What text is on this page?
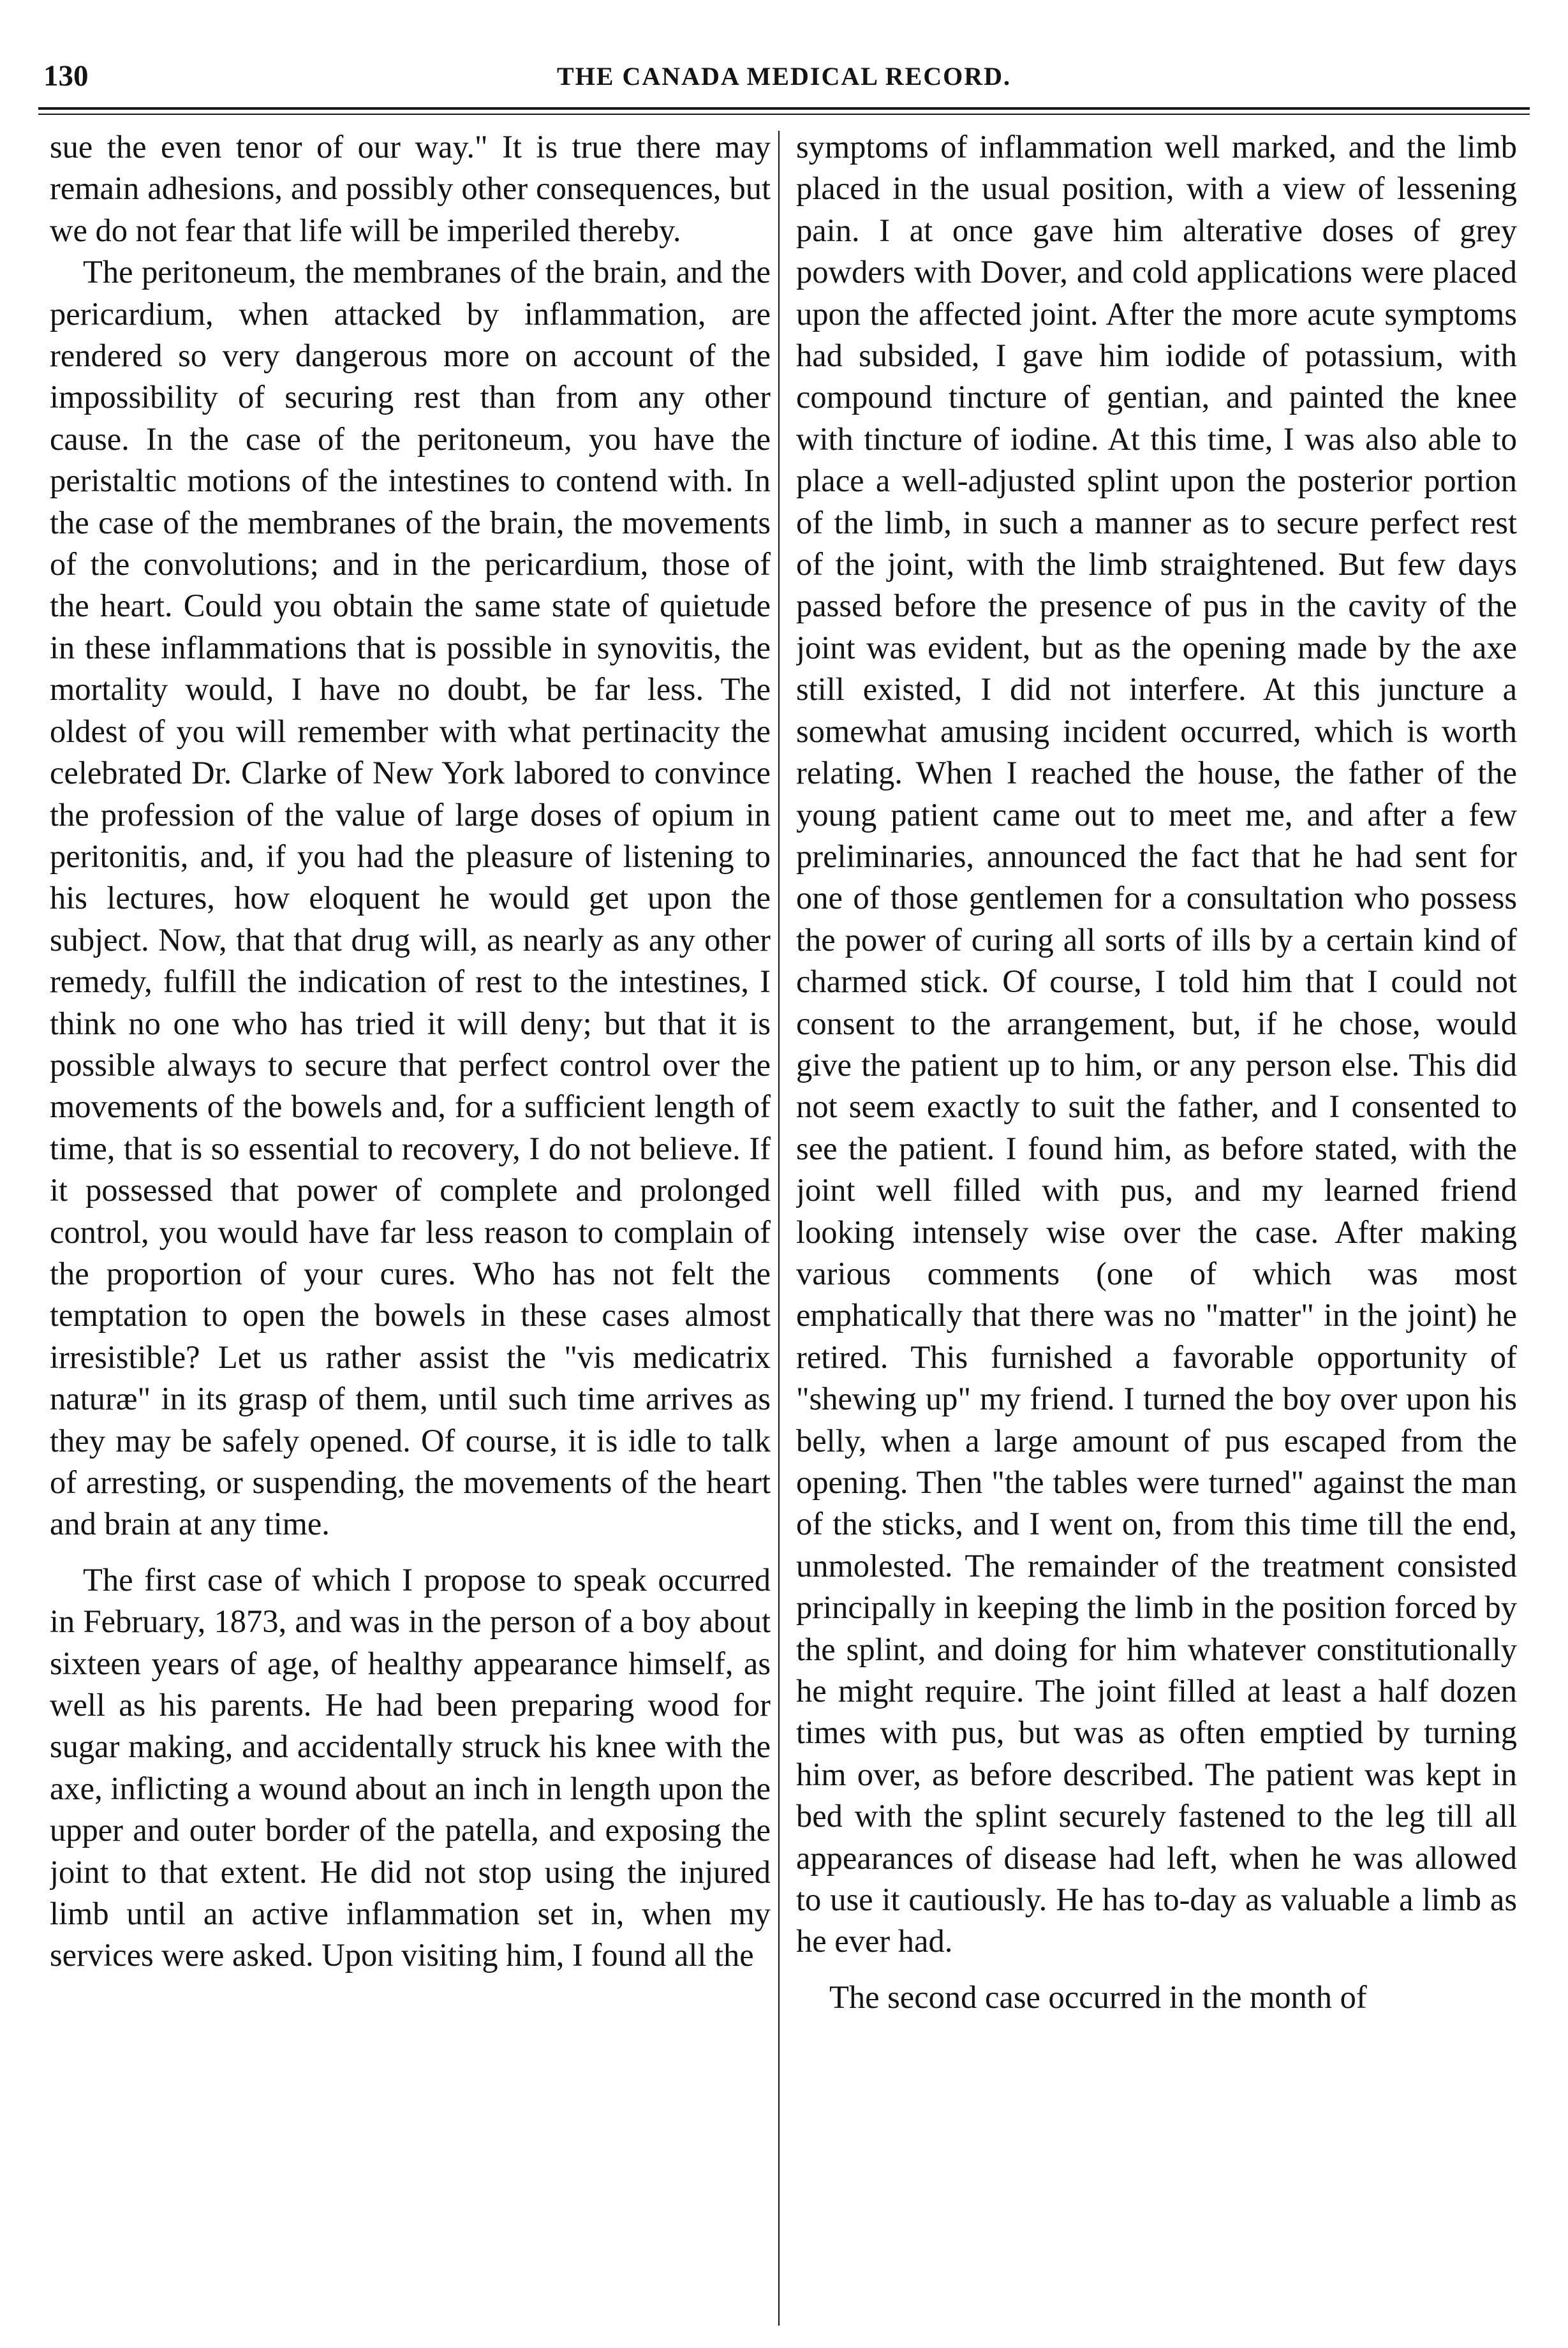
130	THE CANADA MEDICAL RECORD.

sue the even tenor of our way." It is true there may remain adhesions, and possibly other consequences, but we do not fear that life will be imperiled thereby.

The peritoneum, the membranes of the brain, and the pericardium, when attacked by inflammation, are rendered so very dangerous more on account of the impossibility of securing rest than from any other cause. In the case of the peritoneum, you have the peristaltic motions of the intestines to contend with. In the case of the membranes of the brain, the movements of the convolutions; and in the pericardium, those of the heart. Could you obtain the same state of quietude in these inflammations that is possible in synovitis, the mortality would, I have no doubt, be far less. The oldest of you will remember with what pertinacity the celebrated Dr. Clarke of New York labored to convince the profession of the value of large doses of opium in peritonitis, and, if you had the pleasure of listening to his lectures, how eloquent he would get upon the subject. Now, that that drug will, as nearly as any other remedy, fulfill the indication of rest to the intestines, I think no one who has tried it will deny; but that it is possible always to secure that perfect control over the movements of the bowels and, for a sufficient length of time, that is so essential to recovery, I do not believe. If it possessed that power of complete and prolonged control, you would have far less reason to complain of the proportion of your cures. Who has not felt the temptation to open the bowels in these cases almost irresistible? Let us rather assist the "vis medicatrix naturæ" in its grasp of them, until such time arrives as they may be safely opened. Of course, it is idle to talk of arresting, or suspending, the movements of the heart and brain at any time.

The first case of which I propose to speak occurred in February, 1873, and was in the person of a boy about sixteen years of age, of healthy appearance himself, as well as his parents. He had been preparing wood for sugar making, and accidentally struck his knee with the axe, inflicting a wound about an inch in length upon the upper and outer border of the patella, and exposing the joint to that extent. He did not stop using the injured limb until an active inflammation set in, when my services were asked. Upon visiting him, I found all the

symptoms of inflammation well marked, and the limb placed in the usual position, with a view of lessening pain. I at once gave him alterative doses of grey powders with Dover, and cold applications were placed upon the affected joint. After the more acute symptoms had subsided, I gave him iodide of potassium, with compound tincture of gentian, and painted the knee with tincture of iodine. At this time, I was also able to place a well-adjusted splint upon the posterior portion of the limb, in such a manner as to secure perfect rest of the joint, with the limb straightened. But few days passed before the presence of pus in the cavity of the joint was evident, but as the opening made by the axe still existed, I did not interfere. At this juncture a somewhat amusing incident occurred, which is worth relating. When I reached the house, the father of the young patient came out to meet me, and after a few preliminaries, announced the fact that he had sent for one of those gentlemen for a consultation who possess the power of curing all sorts of ills by a certain kind of charmed stick. Of course, I told him that I could not consent to the arrangement, but, if he chose, would give the patient up to him, or any person else. This did not seem exactly to suit the father, and I consented to see the patient. I found him, as before stated, with the joint well filled with pus, and my learned friend looking intensely wise over the case. After making various comments (one of which was most emphatically that there was no "matter" in the joint) he retired. This furnished a favorable opportunity of "shewing up" my friend. I turned the boy over upon his belly, when a large amount of pus escaped from the opening. Then "the tables were turned" against the man of the sticks, and I went on, from this time till the end, unmolested. The remainder of the treatment consisted principally in keeping the limb in the position forced by the splint, and doing for him whatever constitutionally he might require. The joint filled at least a half dozen times with pus, but was as often emptied by turning him over, as before described. The patient was kept in bed with the splint securely fastened to the leg till all appearances of disease had left, when he was allowed to use it cautiously. He has to-day as valuable a limb as he ever had.

The second case occurred in the month of
